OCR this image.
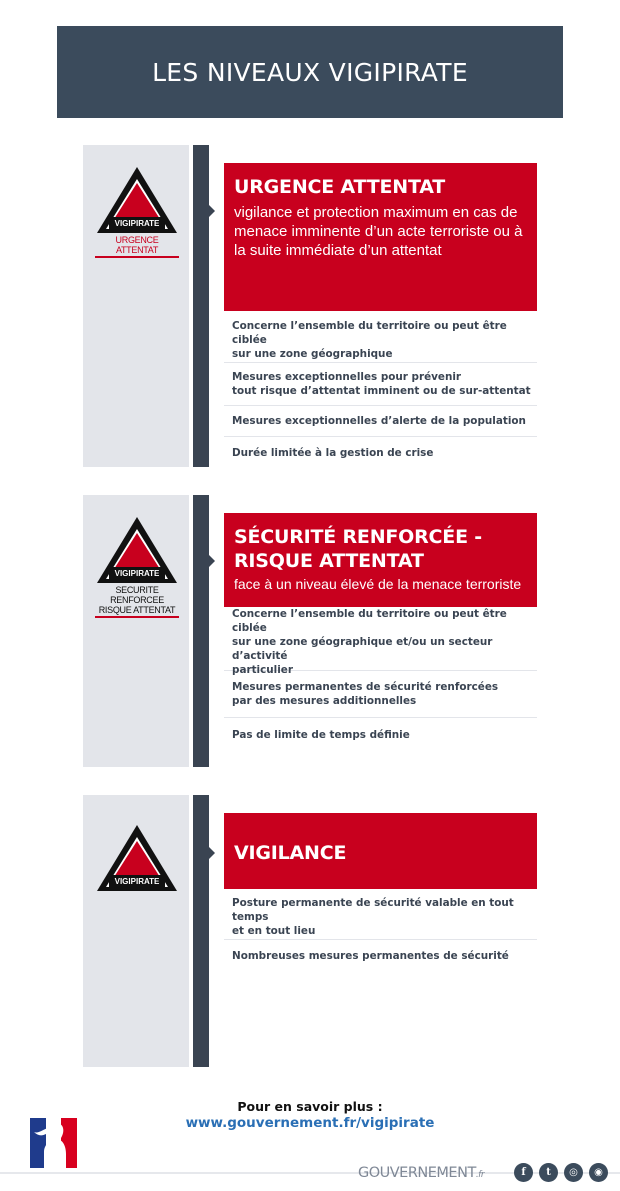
LES NIVEAUX VIGIPIRATE
VIGIPIRATE
URGENCE ATTENTAT
URGENCE ATTENTAT
vigilance et protection maximum en cas de menace imminente d’un acte terroriste ou à la suite immédiate d’un attentat
Concerne l’ensemble du territoire ou peut être ciblée
sur une zone géographique
Mesures exceptionnelles pour prévenir
tout risque d’attentat imminent ou de sur-attentat
Mesures exceptionnelles d’alerte de la population
Durée limitée à la gestion de crise
VIGIPIRATE
SECURITE RENFORCEE
RISQUE ATTENTAT
SÉCURITÉ RENFORCÉE -
RISQUE ATTENTAT
face à un niveau élevé de la menace terroriste
Concerne l’ensemble du territoire ou peut être ciblée
sur une zone géographique et/ou un secteur d’activité
particulier
Mesures permanentes de sécurité renforcées
par des mesures additionnelles
Pas de limite de temps définie
VIGIPIRATE
VIGILANCE
Posture permanente de sécurité valable en tout temps
et en tout lieu
Nombreuses mesures permanentes de sécurité
Pour en savoir plus :
www.gouvernement.fr/vigipirate
GOUVERNEMENT.fr	f	t	◎	◉
